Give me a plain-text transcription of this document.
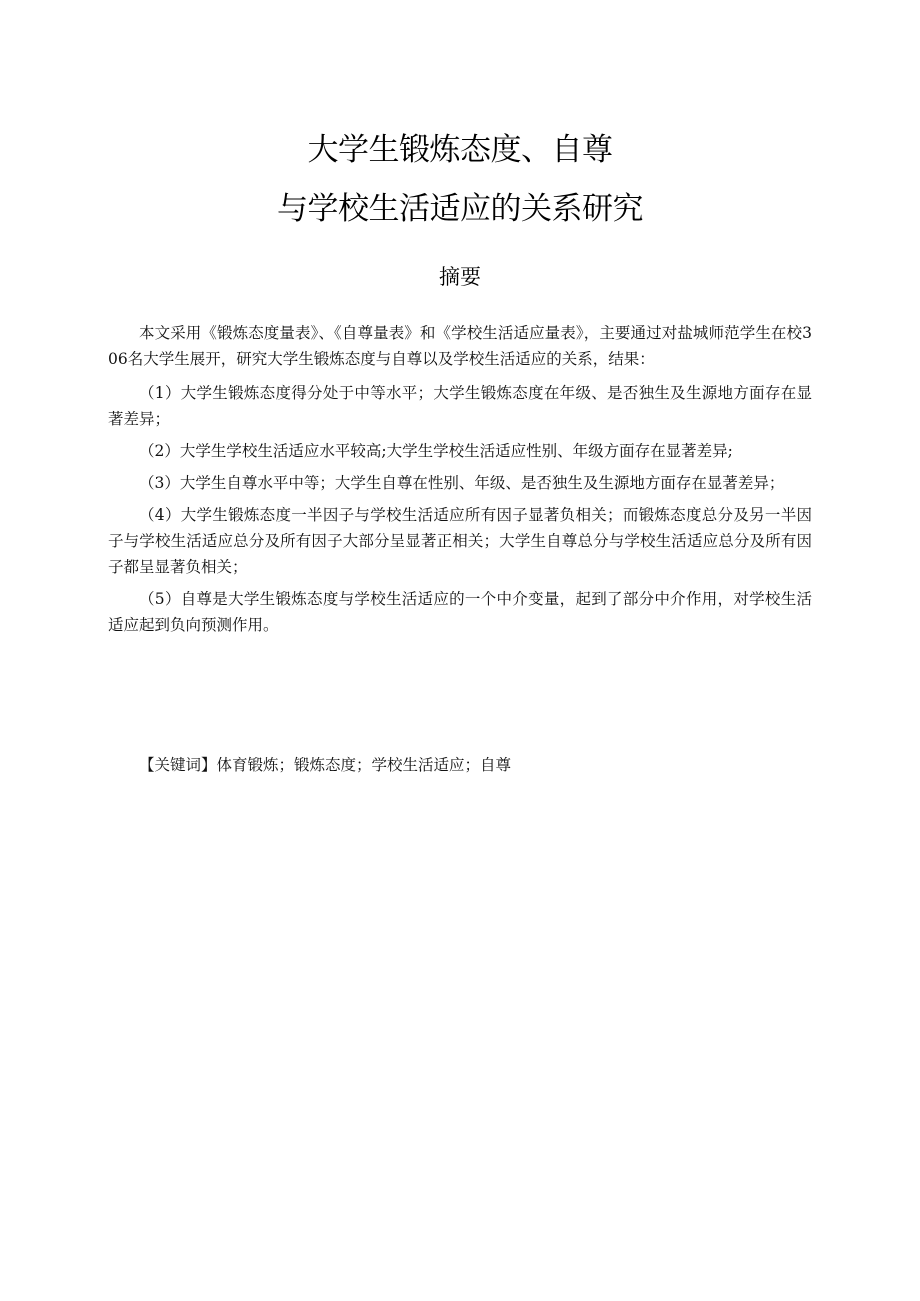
大学生锻炼态度、自尊
与学校生活适应的关系研究
摘要

本文采用《锻炼态度量表》、《自尊量表》和《学校生活适应量表》，主要通过对盐城师范学生在校306名大学生展开，研究大学生锻炼态度与自尊以及学校生活适应的关系，结果：

（1）大学生锻炼态度得分处于中等水平；大学生锻炼态度在年级、是否独生及生源地方面存在显著差异；

（2）大学生学校生活适应水平较高;大学生学校生活适应性别、年级方面存在显著差异;

（3）大学生自尊水平中等；大学生自尊在性别、年级、是否独生及生源地方面存在显著差异；

（4）大学生锻炼态度一半因子与学校生活适应所有因子显著负相关；而锻炼态度总分及另一半因子与学校生活适应总分及所有因子大部分呈显著正相关；大学生自尊总分与学校生活适应总分及所有因子都呈显著负相关；

（5）自尊是大学生锻炼态度与学校生活适应的一个中介变量，起到了部分中介作用，对学校生活适应起到负向预测作用。

【关键词】体育锻炼；锻炼态度；学校生活适应；自尊
